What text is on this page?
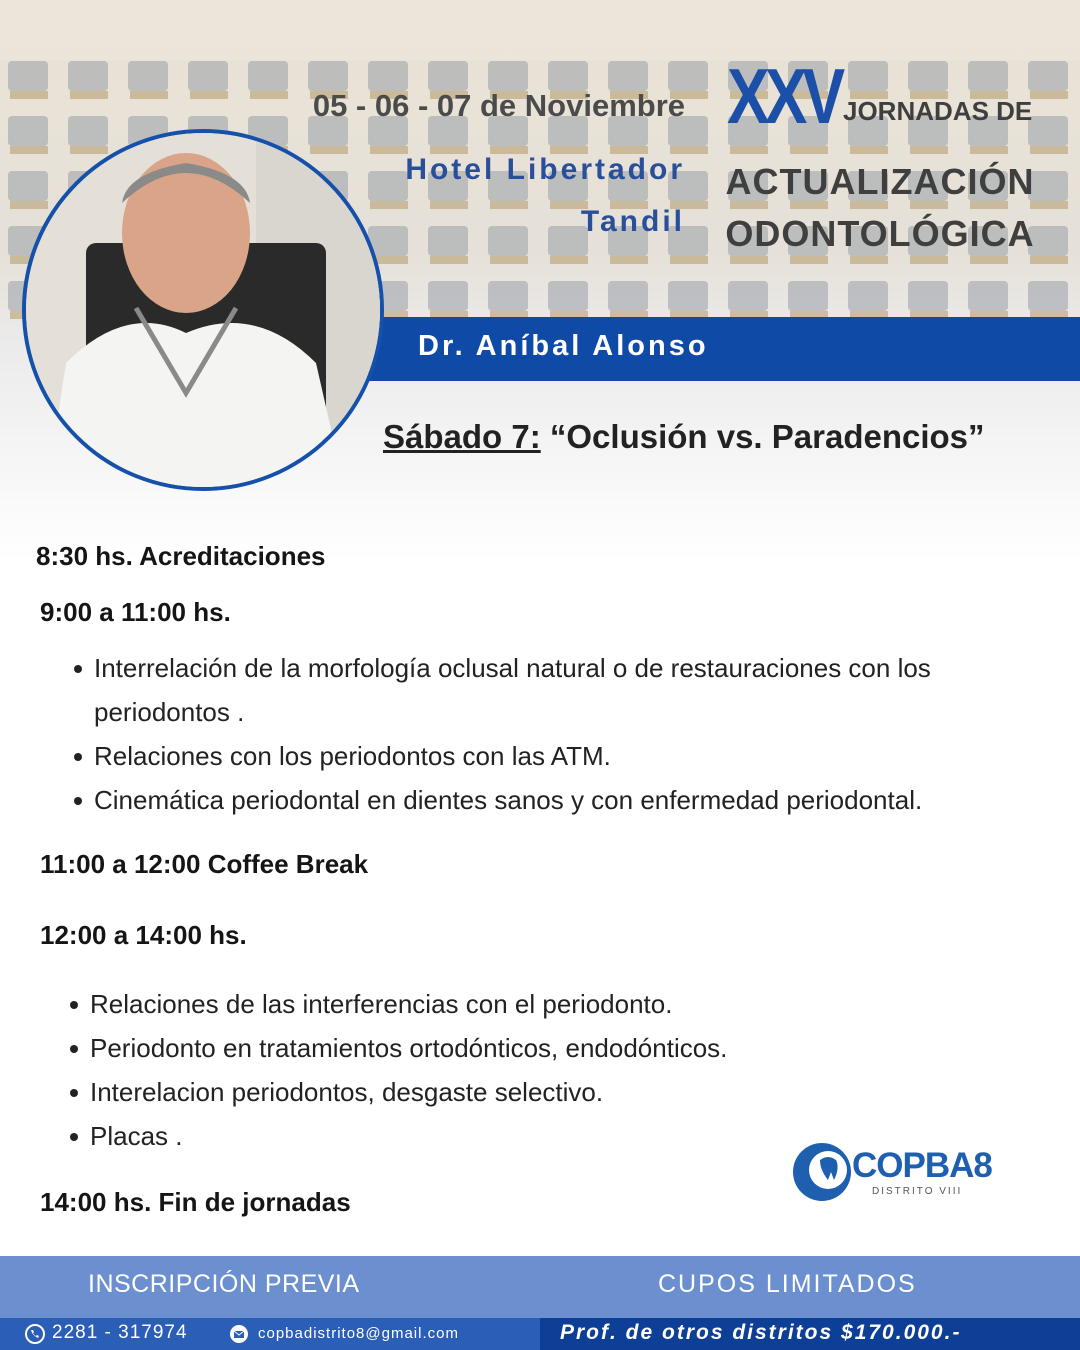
05 - 06 - 07 de Noviembre
Hotel Libertador
Tandil
XXV JORNADAS DE
ACTUALIZACIÓN
ODONTOLÓGICA
Dr. Aníbal Alonso
Sábado 7: “Oclusión vs. Paradencios”
8:30 hs. Acreditaciones
9:00 a 11:00 hs.
Interrelación de la morfología oclusal natural o de restauraciones con los
periodontos .
Relaciones con los periodontos con las ATM.
Cinemática periodontal en dientes sanos y con enfermedad periodontal.
11:00 a 12:00 Coffee Break
12:00 a 14:00 hs.
Relaciones de las interferencias con el periodonto.
Periodonto en tratamientos ortodónticos, endodónticos.
Interelacion periodontos, desgaste selectivo.
Placas .
14:00 hs. Fin de jornadas
COPBA8
DISTRITO VIII
INSCRIPCIÓN PREVIA	CUPOS LIMITADOS
2281 - 317974	copbadistrito8@gmail.com	Prof. de otros distritos $170.000.-
